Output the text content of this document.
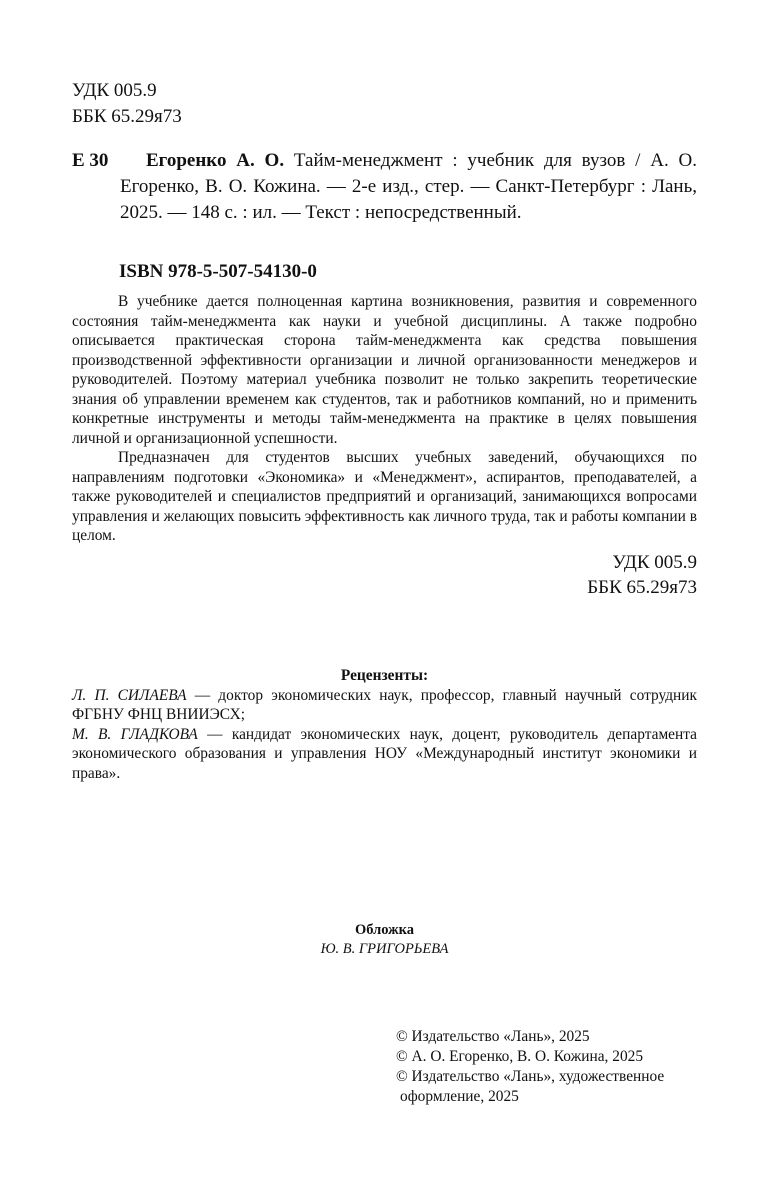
УДК 005.9
ББК 65.29я73
Е 30	Егоренко А. О. Тайм-менеджмент : учебник для вузов / А. О. Егоренко, В. О. Кожина. — 2-е изд., стер. — Санкт-Петербург : Лань, 2025. — 148 с. : ил. — Текст : непосредственный.
ISBN 978-5-507-54130-0

В учебнике дается полноценная картина возникновения, развития и современного состояния тайм-менеджмента как науки и учебной дисциплины. А также подробно описывается практическая сторона тайм-менеджмента как средства повышения производственной эффективности организации и личной организованности менеджеров и руководителей. Поэтому материал учебника позволит не только закрепить теоретические знания об управлении временем как студентов, так и работников компаний, но и применить конкретные инструменты и методы тайм-менеджмента на практике в целях повышения личной и организационной успешности.

Предназначен для студентов высших учебных заведений, обучающихся по направлениям подготовки «Экономика» и «Менеджмент», аспирантов, преподавателей, а также руководителей и специалистов предприятий и организаций, занимающихся вопросами управления и желающих повысить эффективность как личного труда, так и работы компании в целом.

УДК 005.9
ББК 65.29я73
Рецензенты:

Л. П. СИЛАЕВА — доктор экономических наук, профессор, главный научный сотрудник ФГБНУ ФНЦ ВНИИЭСХ;

М. В. ГЛАДКОВА — кандидат экономических наук, доцент, руководитель департамента экономического образования и управления НОУ «Международный институт экономики и права».

Обложка
Ю. В. ГРИГОРЬЕВА
© Издательство «Лань», 2025
© А. О. Егоренко, В. О. Кожина, 2025
© Издательство «Лань», художественное
оформление, 2025
